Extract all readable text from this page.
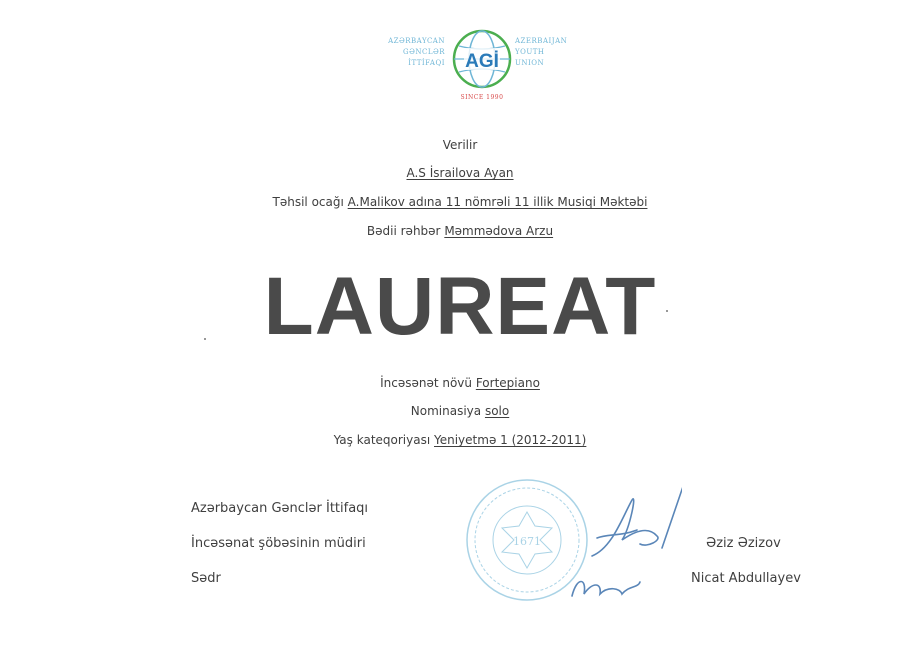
AZƏRBAYCAN
GƏNCLƏR
İTTİFAQI AGİ
AZERBAIJAN
YOUTH
UNION
SINCE 1990
Verilir
A.S İsrailova Ayan
Təhsil ocağı A.Malikov adına 11 nömrəli 11 illik Musiqi Məktəbi
Bədii rəhbər Məmmədova Arzu
LAUREAT
İncəsənət növü Fortepiano
Nominasiya solo
Yaş kateqoriyası Yeniyetmə 1 (2012-2011)
Azərbaycan Gənclər İttifaqı
İncəsənat şöbəsinin müdiri
Sədr
1671	Əziz Əzizov
Nicat Abdullayev
